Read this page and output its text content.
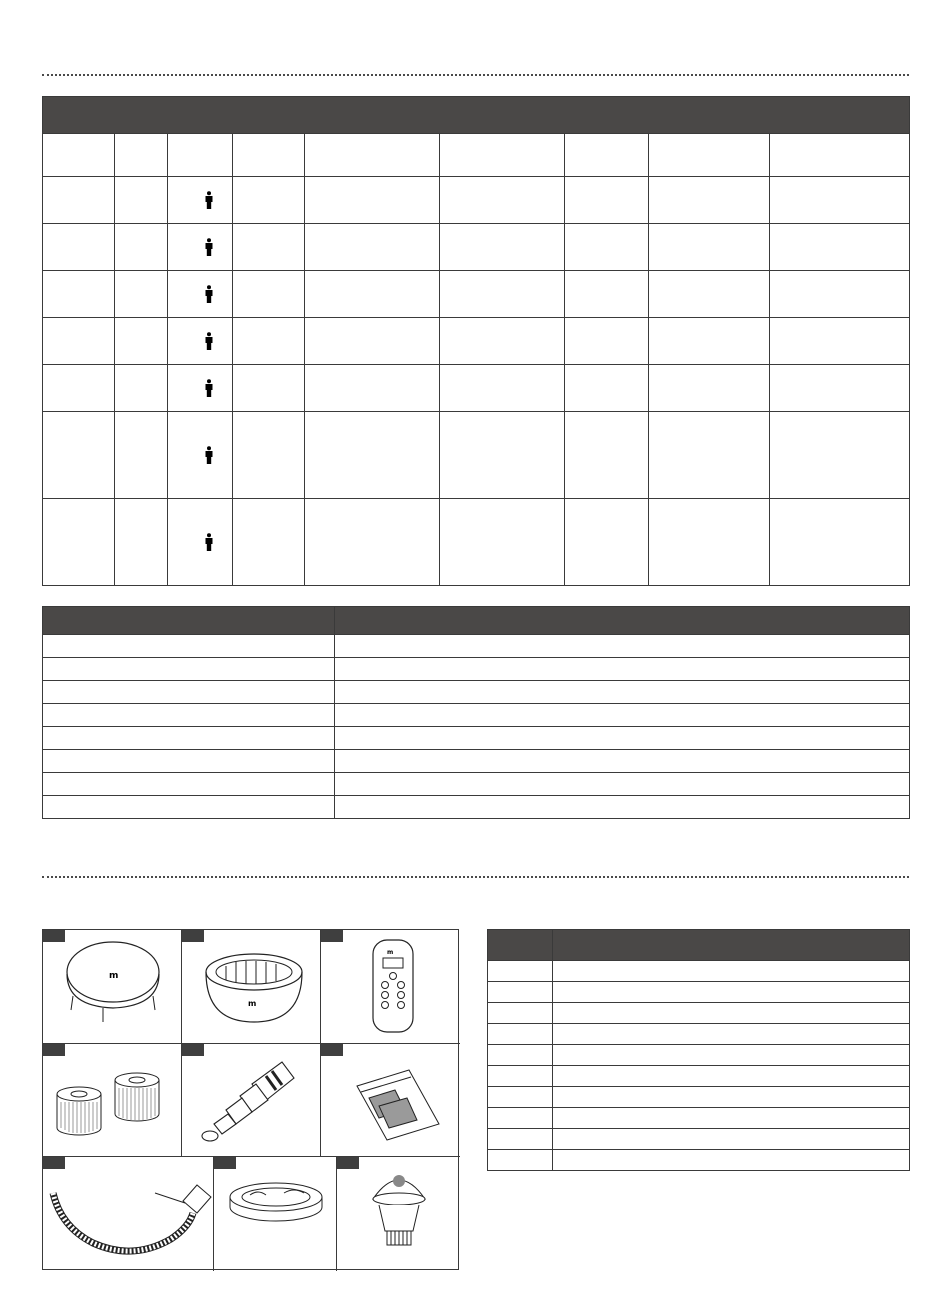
m
m
m
